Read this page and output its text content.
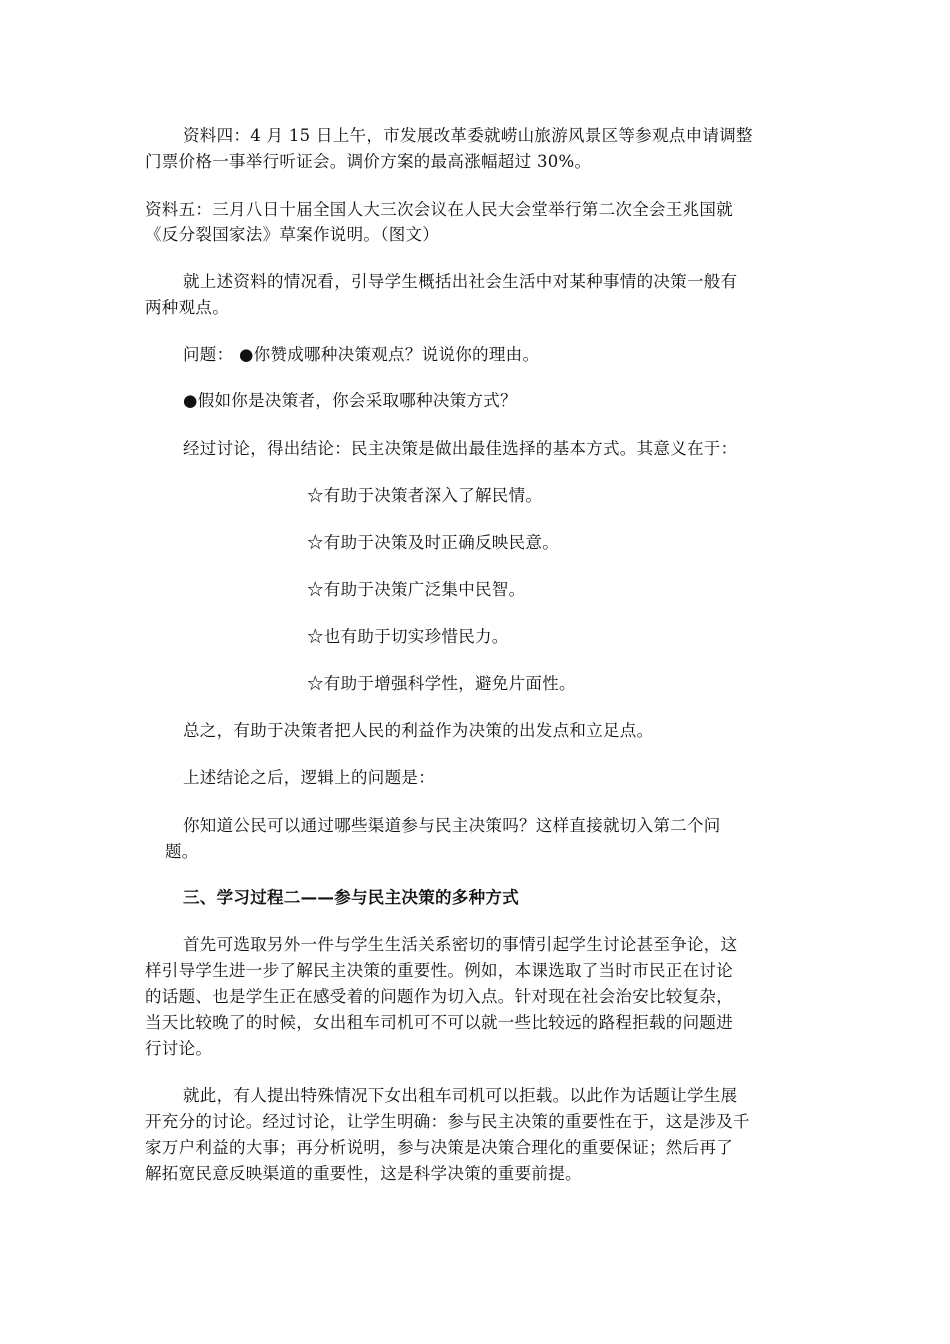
资料四：4 月 15 日上午，市发展改革委就崂山旅游风景区等参观点申请调整
门票价格一事举行听证会。调价方案的最高涨幅超过 30%。
资料五：三月八日十届全国人大三次会议在人民大会堂举行第二次全会王兆国就
《反分裂国家法》草案作说明。（图文）
就上述资料的情况看，引导学生概括出社会生活中对某种事情的决策一般有
两种观点。
问题： ●你赞成哪种决策观点？说说你的理由。
●假如你是决策者，你会采取哪种决策方式？
经过讨论，得出结论：民主决策是做出最佳选择的基本方式。其意义在于：
☆有助于决策者深入了解民情。
☆有助于决策及时正确反映民意。
☆有助于决策广泛集中民智。
☆也有助于切实珍惜民力。
☆有助于增强科学性，避免片面性。
总之，有助于决策者把人民的利益作为决策的出发点和立足点。
上述结论之后，逻辑上的问题是：
你知道公民可以通过哪些渠道参与民主决策吗？这样直接就切入第二个问
题。
三、学习过程二——参与民主决策的多种方式
首先可选取另外一件与学生生活关系密切的事情引起学生讨论甚至争论，这
样引导学生进一步了解民主决策的重要性。例如，本课选取了当时市民正在讨论
的话题、也是学生正在感受着的问题作为切入点。针对现在社会治安比较复杂，
当天比较晚了的时候，女出租车司机可不可以就一些比较远的路程拒载的问题进
行讨论。
就此，有人提出特殊情况下女出租车司机可以拒载。以此作为话题让学生展
开充分的讨论。经过讨论，让学生明确：参与民主决策的重要性在于，这是涉及千
家万户利益的大事；再分析说明，参与决策是决策合理化的重要保证；然后再了
解拓宽民意反映渠道的重要性，这是科学决策的重要前提。
